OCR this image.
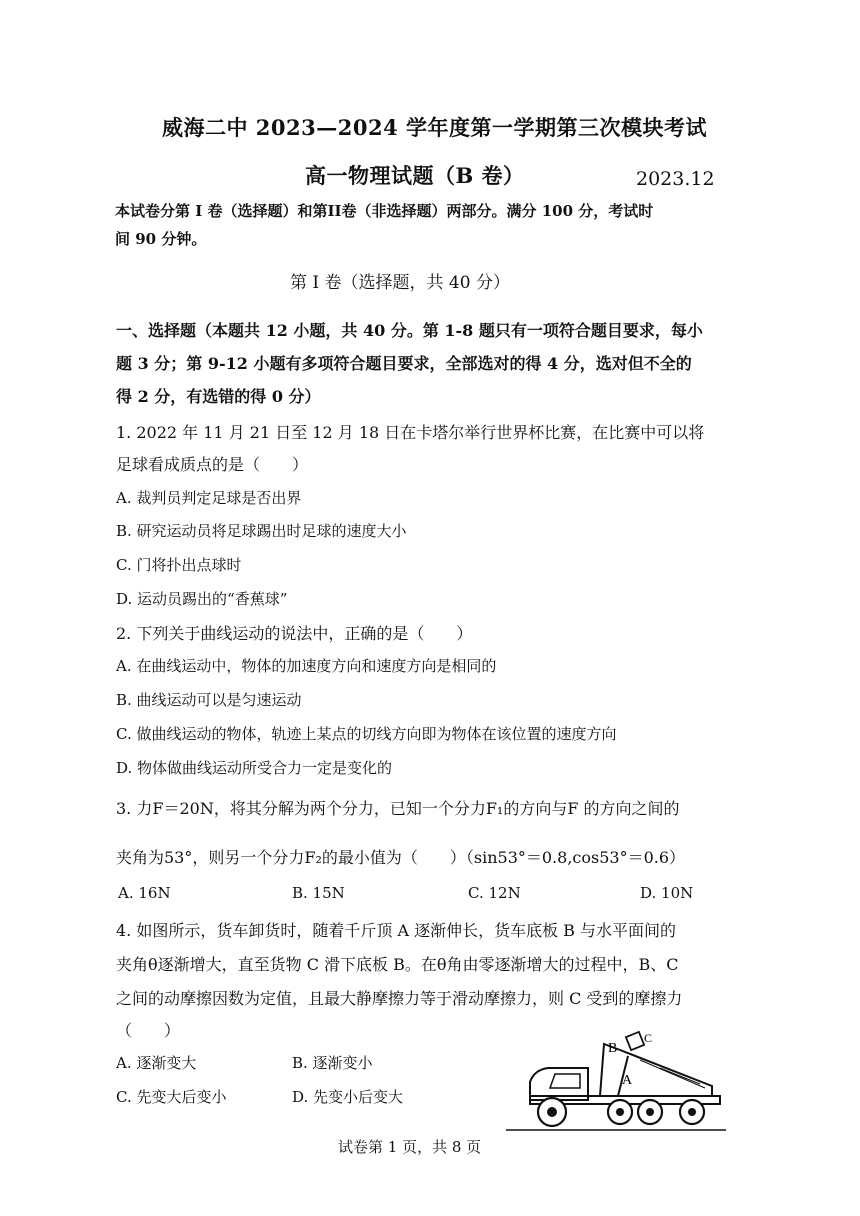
威海二中 2023—2024 学年度第一学期第三次模块考试
高一物理试题（B 卷）	2023.12
本试卷分第 I 卷（选择题）和第II卷（非选择题）两部分。满分 100 分，考试时
间 90 分钟。
第 I 卷（选择题，共 40 分）
一、选择题（本题共 12 小题，共 40 分。第 1-8 题只有一项符合题目要求，每小
题 3 分；第 9-12 小题有多项符合题目要求，全部选对的得 4 分，选对但不全的
得 2 分，有选错的得 0 分）
1. 2022 年 11 月 21 日至 12 月 18 日在卡塔尔举行世界杯比赛，在比赛中可以将
足球看成质点的是（　　）
A. 裁判员判定足球是否出界
B. 研究运动员将足球踢出时足球的速度大小
C. 门将扑出点球时
D. 运动员踢出的“香蕉球”
2. 下列关于曲线运动的说法中，正确的是（　　）
A. 在曲线运动中，物体的加速度方向和速度方向是相同的
B. 曲线运动可以是匀速运动
C. 做曲线运动的物体，轨迹上某点的切线方向即为物体在该位置的速度方向
D. 物体做曲线运动所受合力一定是变化的
3. 力F＝20N，将其分解为两个分力，已知一个分力F₁的方向与F 的方向之间的
夹角为53°，则另一个分力F₂的最小值为（　　）（sin53°＝0.8,cos53°＝0.6）
A. 16N	B. 15N	C. 12N	D. 10N
4. 如图所示，货车卸货时，随着千斤顶 A 逐渐伸长，货车底板 B 与水平面间的
夹角θ逐渐增大，直至货物 C 滑下底板 B。在θ角由零逐渐增大的过程中，B、C
之间的动摩擦因数为定值，且最大静摩擦力等于滑动摩擦力，则 C 受到的摩擦力
（　　）
A. 逐渐变大	B. 逐渐变小
C. 先变大后变小	D. 先变小后变大
B
A
C
试卷第 1 页，共 8 页
